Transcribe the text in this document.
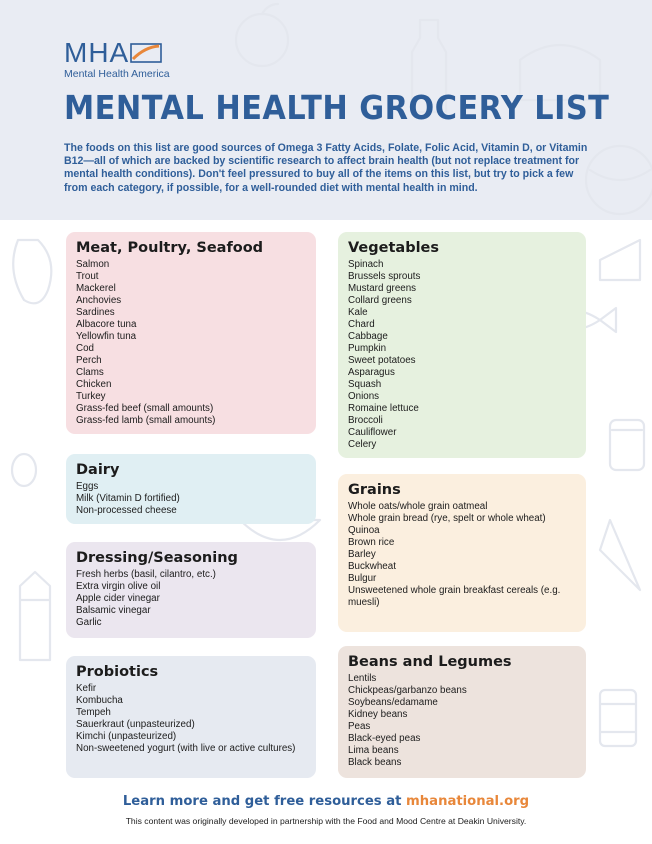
MHA
Mental Health America
MENTAL HEALTH GROCERY LIST

The foods on this list are good sources of Omega 3 Fatty Acids, Folate, Folic Acid, Vitamin D, or Vitamin B12—all of which are backed by scientific research to affect brain health (but not replace treatment for mental health conditions). Don't feel pressured to buy all of the items on this list, but try to pick a few from each category, if possible, for a well-rounded diet with mental health in mind.

Meat, Poultry, Seafood
Salmon
Trout
Mackerel
Anchovies
Sardines
Albacore tuna
Yellowfin tuna
Cod
Perch
Clams
Chicken
Turkey
Grass-fed beef (small amounts)
Grass-fed lamb (small amounts)
Vegetables
Spinach
Brussels sprouts
Mustard greens
Collard greens
Kale
Chard
Cabbage
Pumpkin
Sweet potatoes
Asparagus
Squash
Onions
Romaine lettuce
Broccoli
Cauliflower
Celery
Dairy
Eggs
Milk (Vitamin D fortified)
Non-processed cheese
Grains
Whole oats/whole grain oatmeal
Whole grain bread (rye, spelt or whole wheat)
Quinoa
Brown rice
Barley
Buckwheat
Bulgur
Unsweetened whole grain breakfast cereals (e.g. muesli)
Dressing/Seasoning
Fresh herbs (basil, cilantro, etc.)
Extra virgin olive oil
Apple cider vinegar
Balsamic vinegar
Garlic
Probiotics
Kefir
Kombucha
Tempeh
Sauerkraut (unpasteurized)
Kimchi (unpasteurized)
Non-sweetened yogurt (with live or active cultures)
Beans and Legumes
Lentils
Chickpeas/garbanzo beans
Soybeans/edamame
Kidney beans
Peas
Black-eyed peas
Lima beans
Black beans
Learn more and get free resources at mhanational.org
This content was originally developed in partnership with the Food and Mood Centre at Deakin University.
